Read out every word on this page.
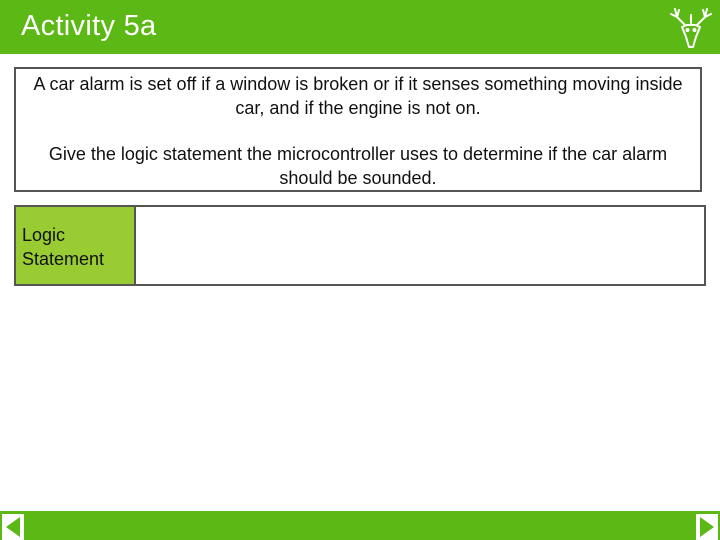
Activity 5a

A car alarm is set off if a window is broken or if it senses something moving inside car, and if the engine is not on.

Give the logic statement the microcontroller uses to determine if the car alarm should be sounded.

Logic
Statement
